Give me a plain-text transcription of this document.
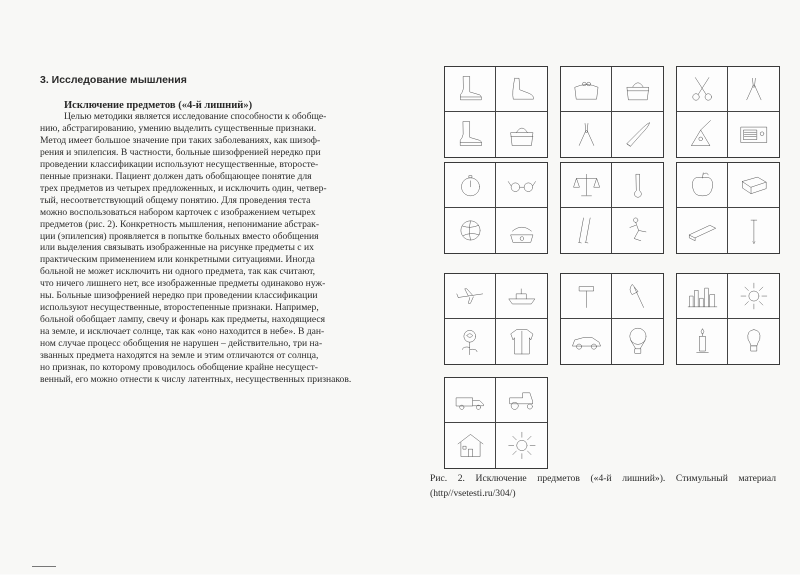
3. Исследование мышления
Исключение предметов («4-й лишний»)
Целью методики является исследование способности к обобще-
нию, абстрагированию, умению выделить существенные признаки.
Метод имеет большое значение при таких заболеваниях, как шизоф-
рения и эпилепсия. В частности, больные шизофренией нередко при
проведении классификации используют несущественные, второсте-
пенные признаки. Пациент должен дать обобщающее понятие для
трех предметов из четырех предложенных, и исключить один, четвер-
тый, несоответствующий общему понятию. Для проведения теста
можно воспользоваться набором карточек с изображением четырех
предметов (рис. 2). Конкретность мышления, непонимание абстрак-
ции (эпилепсия) проявляется в попытке больных вместо обобщения
или выделения связывать изображенные на рисунке предметы с их
практическим применением или конкретными ситуациями. Иногда
больной не может исключить ни одного предмета, так как считают,
что ничего лишнего нет, все изображенные предметы одинаково нуж-
ны. Больные шизофренией нередко при проведении классификации
используют несущественные, второстепенные признаки. Например,
больной обобщает лампу, свечу и фонарь как предметы, находящиеся
на земле, и исключает солнце, так как «оно находится в небе». В дан-
ном случае процесс обобщения не нарушен – действительно, три на-
званных предмета находятся на земле и этим отличаются от солнца,
но признак, по которому проводилось обобщение крайне несущест-
венный, его можно отнести к числу латентных, несущественных признаков.
Рис. 2. Исключение предметов («4-й лишний»). Стимульный материал
(http//vsetesti.ru/304/)
